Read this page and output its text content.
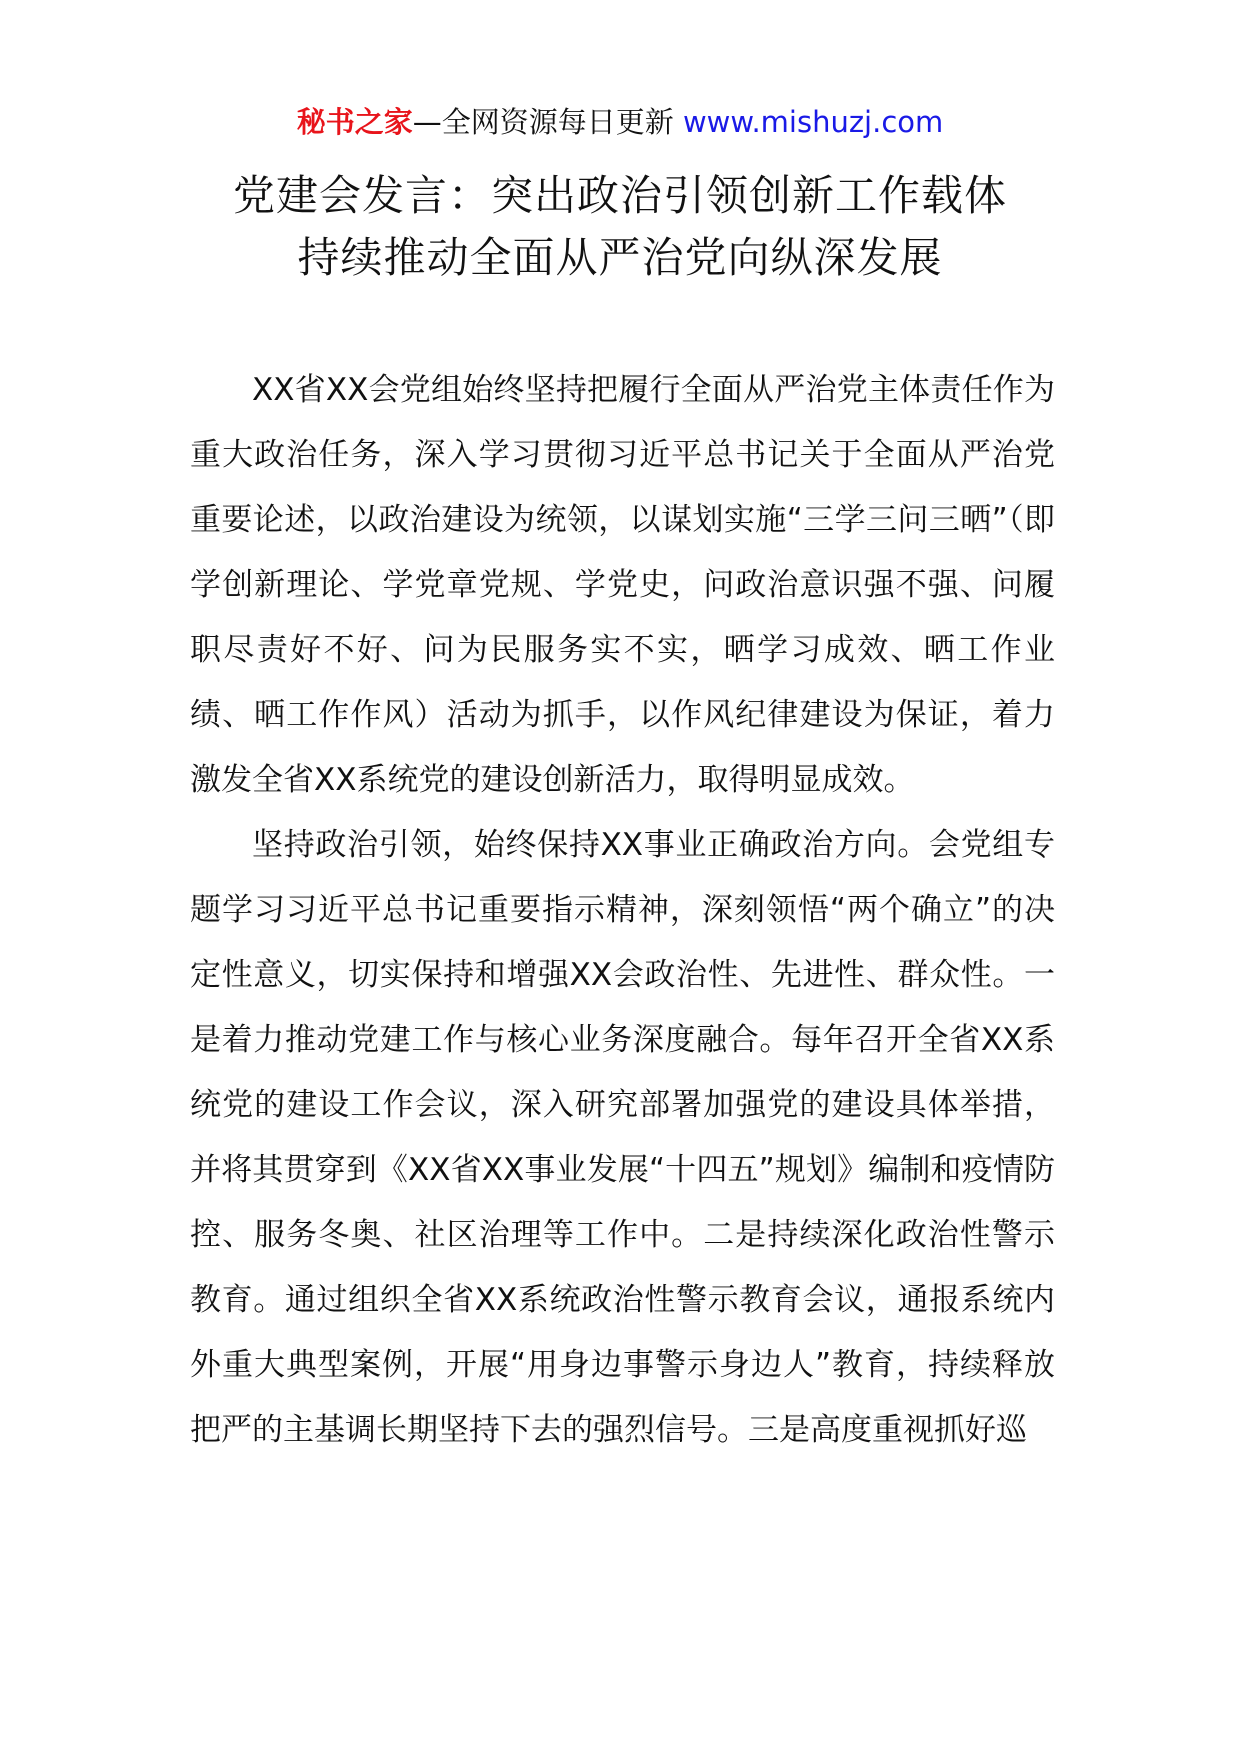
秘书之家—全网资源每日更新 www.mishuzj.com
党建会发言：突出政治引领创新工作载体
持续推动全面从严治党向纵深发展

XX省XX会党组始终坚持把履行全面从严治党主体责任作为重大政治任务，深入学习贯彻习近平总书记关于全面从严治党重要论述，以政治建设为统领，以谋划实施“三学三问三晒”（即学创新理论、学党章党规、学党史，问政治意识强不强、问履职尽责好不好、问为民服务实不实，晒学习成效、晒工作业绩、晒工作作风）活动为抓手，以作风纪律建设为保证，着力激发全省XX系统党的建设创新活力，取得明显成效。

坚持政治引领，始终保持XX事业正确政治方向。会党组专题学习习近平总书记重要指示精神，深刻领悟“两个确立”的决定性意义，切实保持和增强XX会政治性、先进性、群众性。一是着力推动党建工作与核心业务深度融合。每年召开全省XX系统党的建设工作会议，深入研究部署加强党的建设具体举措，并将其贯穿到《XX省XX事业发展“十四五”规划》编制和疫情防控、服务冬奥、社区治理等工作中。二是持续深化政治性警示教育。通过组织全省XX系统政治性警示教育会议，通报系统内外重大典型案例，开展“用身边事警示身边人”教育，持续释放把严的主基调长期坚持下去的强烈信号。三是高度重视抓好巡
